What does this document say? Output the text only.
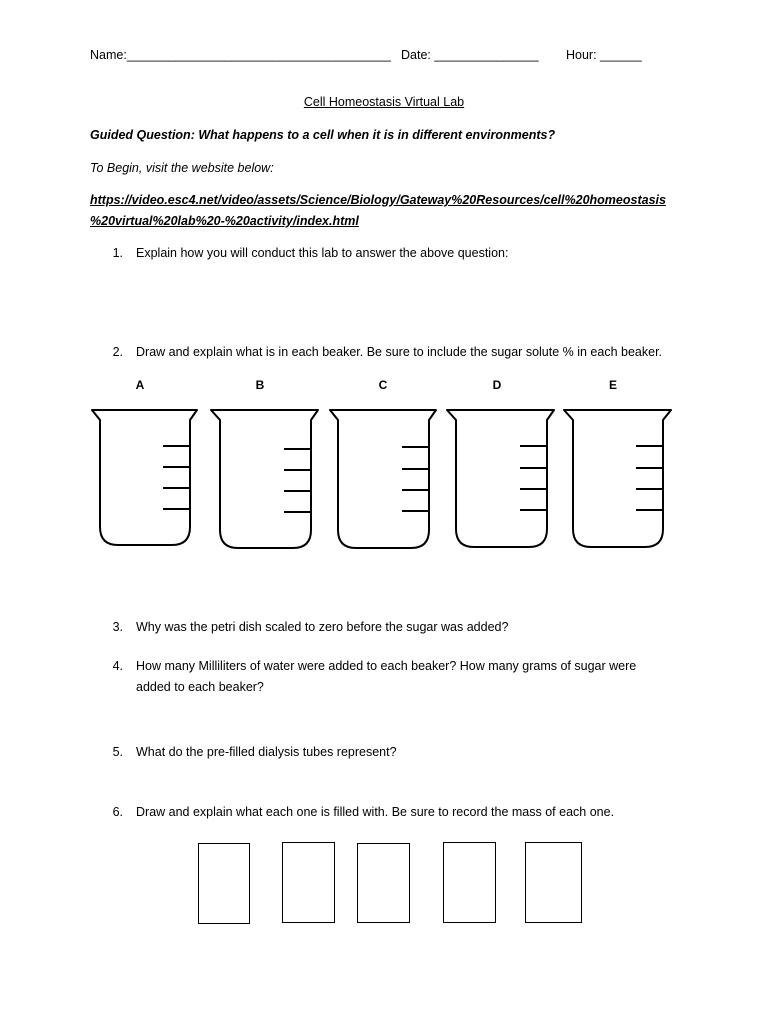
Name:______________________________________ Date: _______________ Hour: ______
Cell Homeostasis Virtual Lab
Guided Question: What happens to a cell when it is in different environments?
To Begin, visit the website below:
https://video.esc4.net/video/assets/Science/Biology/Gateway%20Resources/cell%20homeostasis
%20virtual%20lab%20-%20activity/index.html
1. Explain how you will conduct this lab to answer the above question:
2. Draw and explain what is in each beaker. Be sure to include the sugar solute % in each beaker.
A	B	C	D	E
3. Why was the petri dish scaled to zero before the sugar was added?
4. How many Milliliters of water were added to each beaker? How many grams of sugar were
added to each beaker?
5. What do the pre-filled dialysis tubes represent?
6. Draw and explain what each one is filled with. Be sure to record the mass of each one.
